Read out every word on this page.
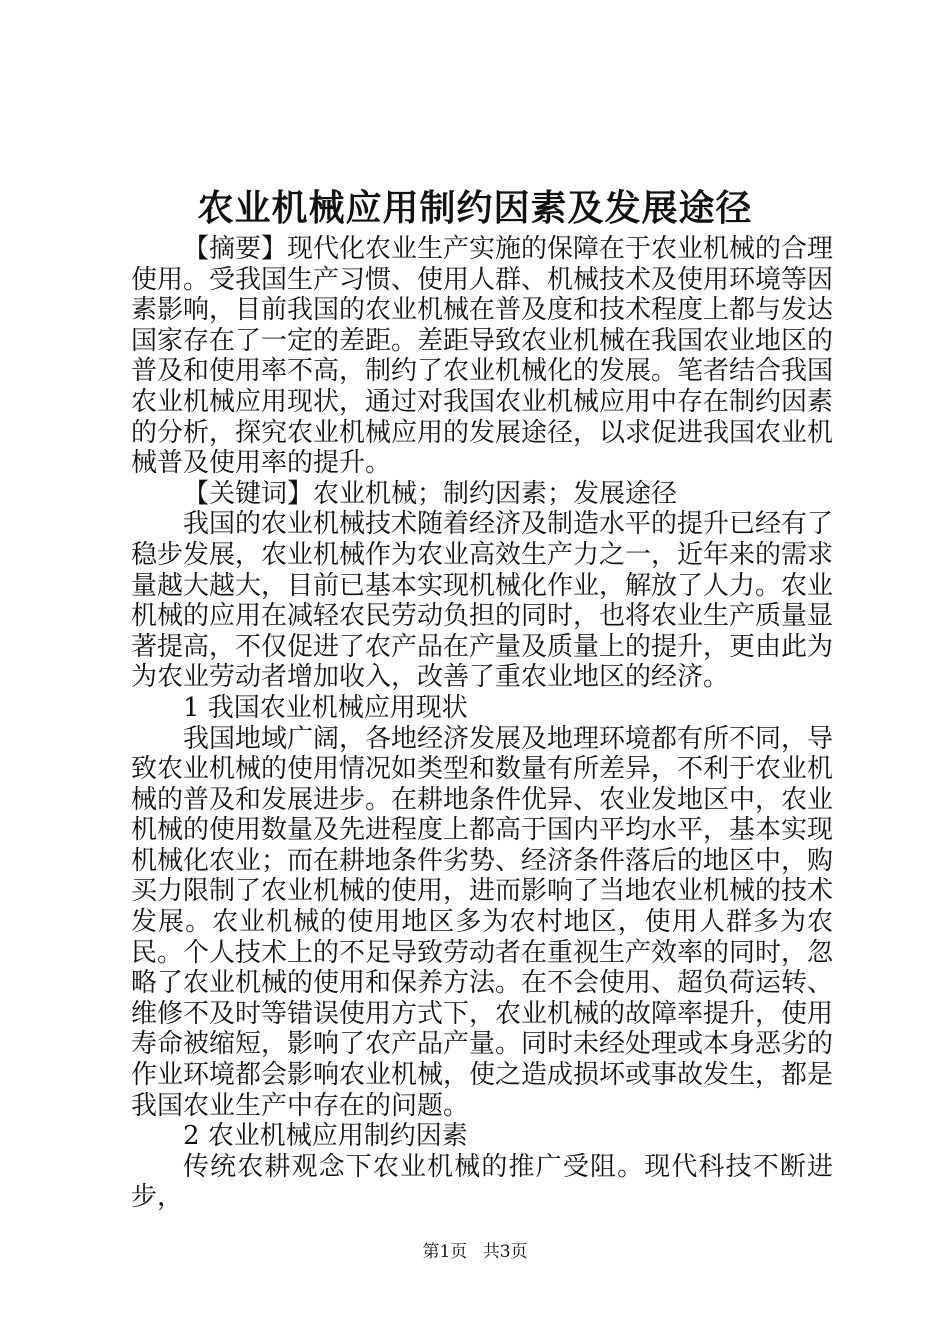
农业机械应用制约因素及发展途径

【摘要】现代化农业生产实施的保障在于农业机械的合理使用。受我国生产习惯、使用人群、机械技术及使用环境等因素影响，目前我国的农业机械在普及度和技术程度上都与发达国家存在了一定的差距。差距导致农业机械在我国农业地区的普及和使用率不高，制约了农业机械化的发展。笔者结合我国农业机械应用现状，通过对我国农业机械应用中存在制约因素的分析，探究农业机械应用的发展途径，以求促进我国农业机械普及使用率的提升。

【关键词】农业机械；制约因素；发展途径

我国的农业机械技术随着经济及制造水平的提升已经有了稳步发展，农业机械作为农业高效生产力之一，近年来的需求量越大越大，目前已基本实现机械化作业，解放了人力。农业机械的应用在减轻农民劳动负担的同时，也将农业生产质量显著提高，不仅促进了农产品在产量及质量上的提升，更由此为为农业劳动者增加收入，改善了重农业地区的经济。

1 我国农业机械应用现状

我国地域广阔，各地经济发展及地理环境都有所不同，导致农业机械的使用情况如类型和数量有所差异，不利于农业机械的普及和发展进步。在耕地条件优异、农业发地区中，农业机械的使用数量及先进程度上都高于国内平均水平，基本实现机械化农业；而在耕地条件劣势、经济条件落后的地区中，购买力限制了农业机械的使用，进而影响了当地农业机械的技术发展。农业机械的使用地区多为农村地区，使用人群多为农民。个人技术上的不足导致劳动者在重视生产效率的同时，忽略了农业机械的使用和保养方法。在不会使用、超负荷运转、维修不及时等错误使用方式下，农业机械的故障率提升，使用寿命被缩短，影响了农产品产量。同时未经处理或本身恶劣的作业环境都会影响农业机械，使之造成损坏或事故发生，都是我国农业生产中存在的问题。

2 农业机械应用制约因素

传统农耕观念下农业机械的推广受阻。现代科技不断进步，

第1页 共3页
